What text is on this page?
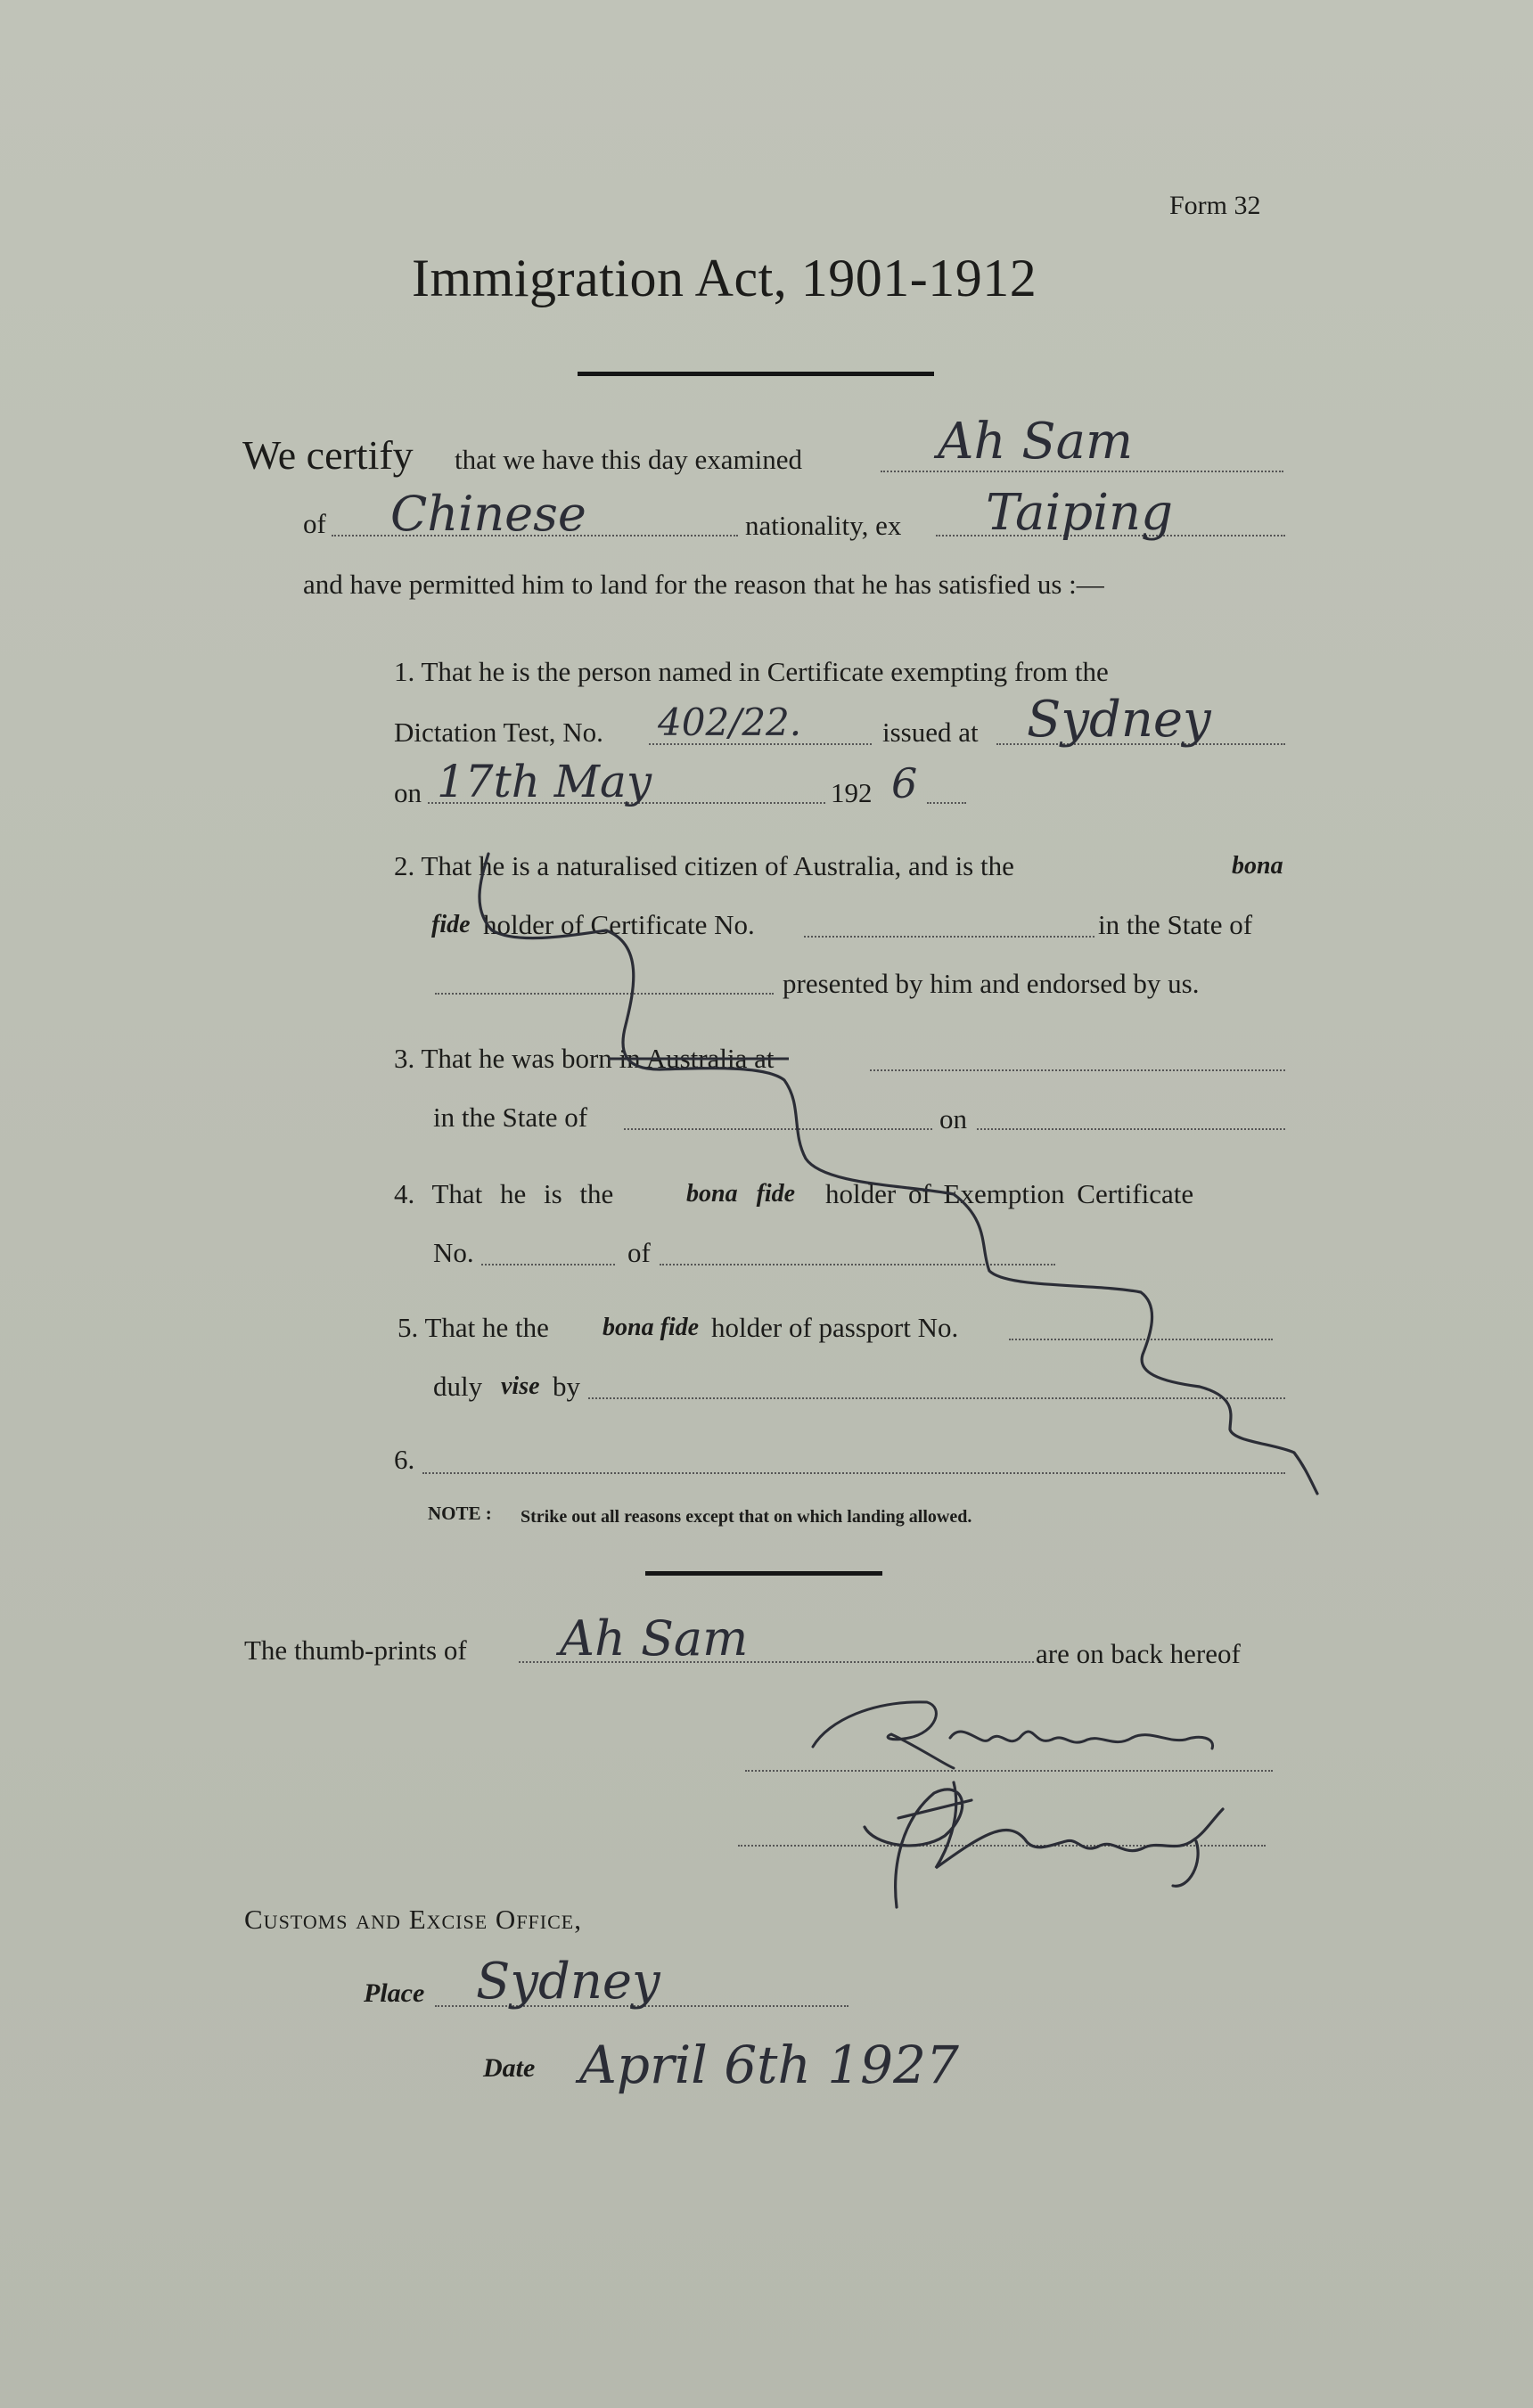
Form 32
Immigration Act, 1901-1912
We certify that we have this day examined	Ah Sam
of Chinese	nationality, ex Taiping
and have permitted him to land for the reason that he has satisfied us :—
1. That he is the person named in Certificate exempting from the
Dictation Test, No. 402/22.	issued at Sydney
on 17th May	192 6
2. That he is a naturalised citizen of Australia, and is the	bona
fide holder of Certificate No.	in the State of
presented by him and endorsed by us.
3. That he was born in Australia at
in the State of	on
4. That he is the	bona fide holder of Exemption Certificate
No.	of
5. That he the bona fide holder of passport No.
duly vise by
6.
NOTE : Strike out all reasons except that on which landing allowed.
The thumb-prints of Ah Sam	are on back hereof
Customs and Excise Office,
Place Sydney
Date April 6th 1927
